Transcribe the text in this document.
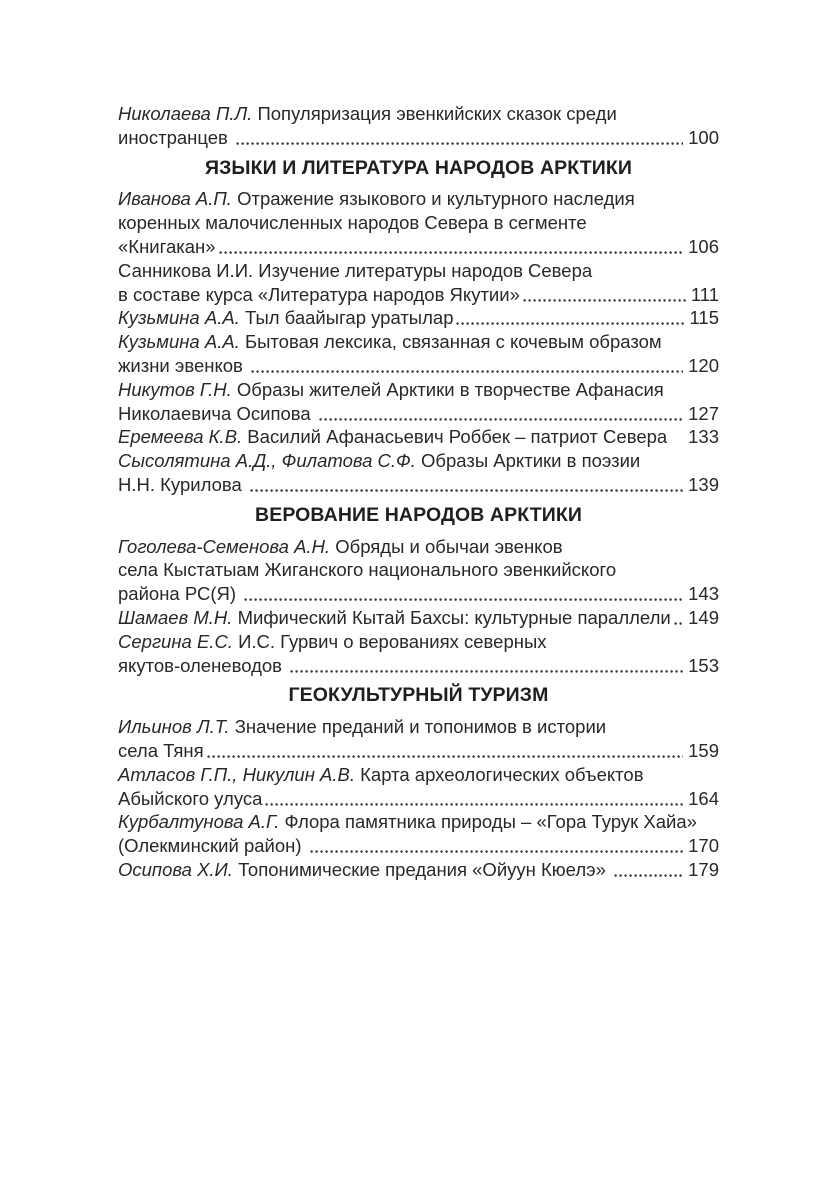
Николаева П.Л. Популяризация эвенкийских сказок среди
иностранцев	100
ЯЗЫКИ И ЛИТЕРАТУРА НАРОДОВ АРКТИКИ
Иванова А.П. Отражение языкового и культурного наследия
коренных малочисленных народов Севера в сегменте
«Книгакан»	106
Санникова И.И. Изучение литературы народов Севера
в составе курса «Литература народов Якутии»	111
Кузьмина А.А. Тыл баайыгар уратылар	115
Кузьмина А.А. Бытовая лексика, связанная с кочевым образом
жизни эвенков	120
Никутов Г.Н. Образы жителей Арктики в творчестве Афанасия
Николаевича Осипова	127
Еремеева К.В. Василий Афанасьевич Роббек – патриот Севера 133
Сысолятина А.Д., Филатова С.Ф. Образы Арктики в поэзии
Н.Н. Курилова	139
ВЕРОВАНИЕ НАРОДОВ АРКТИКИ
Гоголева-Семенова А.Н. Обряды и обычаи эвенков
села Кыстатыам Жиганского национального эвенкийского
района РС(Я)	143
Шамаев М.Н. Мифический Кытай Бахсы: культурные параллели 149
Сергина Е.С. И.С. Гурвич о верованиях северных
якутов-оленеводов	153
ГЕОКУЛЬТУРНЫЙ ТУРИЗМ
Ильинов Л.Т. Значение преданий и топонимов в истории
села Тяня	159
Атласов Г.П., Никулин А.В. Карта археологических объектов
Абыйского улуса	164
Курбалтунова А.Г. Флора памятника природы – «Гора Турук Хайа»
(Олекминский район)	170
Осипова Х.И. Топонимические предания «Ойуун Кюелэ»	179
